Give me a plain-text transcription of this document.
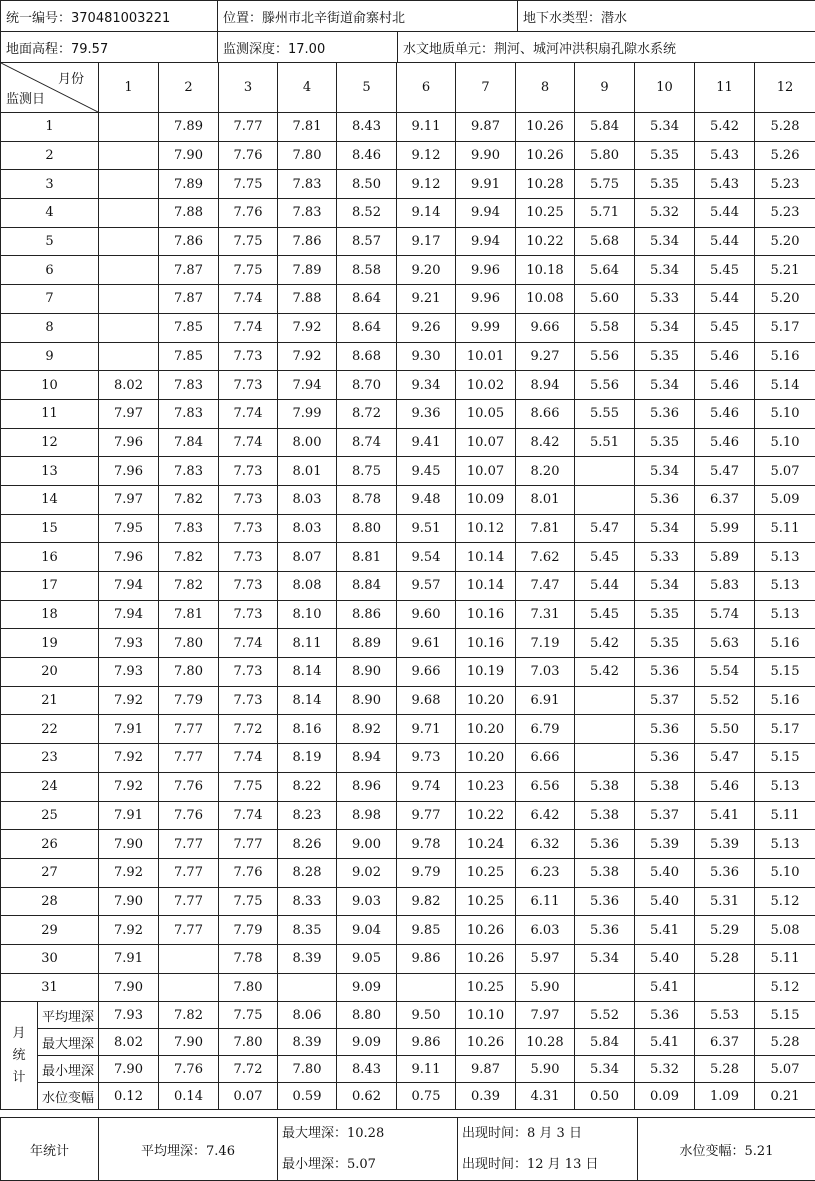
统一编号：370481003221	位置：滕州市北辛街道俞寨村北		地下水类型：潜水
地面高程：79.57	监测深度：17.00	水文地质单元：荆河、城河冲洪积扇孔隙水系统	
月份
监测日		1	2	3	4	5	6	7	8	9	10	11	12
1			7.89	7.77	7.81	8.43	9.11	9.87	10.26	5.84	5.34	5.42	5.28
2			7.90	7.76	7.80	8.46	9.12	9.90	10.26	5.80	5.35	5.43	5.26
3			7.89	7.75	7.83	8.50	9.12	9.91	10.28	5.75	5.35	5.43	5.23
4			7.88	7.76	7.83	8.52	9.14	9.94	10.25	5.71	5.32	5.44	5.23
5			7.86	7.75	7.86	8.57	9.17	9.94	10.22	5.68	5.34	5.44	5.20
6			7.87	7.75	7.89	8.58	9.20	9.96	10.18	5.64	5.34	5.45	5.21
7			7.87	7.74	7.88	8.64	9.21	9.96	10.08	5.60	5.33	5.44	5.20
8			7.85	7.74	7.92	8.64	9.26	9.99	9.66	5.58	5.34	5.45	5.17
9			7.85	7.73	7.92	8.68	9.30	10.01	9.27	5.56	5.35	5.46	5.16
10		8.02	7.83	7.73	7.94	8.70	9.34	10.02	8.94	5.56	5.34	5.46	5.14
11		7.97	7.83	7.74	7.99	8.72	9.36	10.05	8.66	5.55	5.36	5.46	5.10
12		7.96	7.84	7.74	8.00	8.74	9.41	10.07	8.42	5.51	5.35	5.46	5.10
13		7.96	7.83	7.73	8.01	8.75	9.45	10.07	8.20		5.34	5.47	5.07
14		7.97	7.82	7.73	8.03	8.78	9.48	10.09	8.01		5.36	6.37	5.09
15		7.95	7.83	7.73	8.03	8.80	9.51	10.12	7.81	5.47	5.34	5.99	5.11
16		7.96	7.82	7.73	8.07	8.81	9.54	10.14	7.62	5.45	5.33	5.89	5.13
17		7.94	7.82	7.73	8.08	8.84	9.57	10.14	7.47	5.44	5.34	5.83	5.13
18		7.94	7.81	7.73	8.10	8.86	9.60	10.16	7.31	5.45	5.35	5.74	5.13
19		7.93	7.80	7.74	8.11	8.89	9.61	10.16	7.19	5.42	5.35	5.63	5.16
20		7.93	7.80	7.73	8.14	8.90	9.66	10.19	7.03	5.42	5.36	5.54	5.15
21		7.92	7.79	7.73	8.14	8.90	9.68	10.20	6.91		5.37	5.52	5.16
22		7.91	7.77	7.72	8.16	8.92	9.71	10.20	6.79		5.36	5.50	5.17
23		7.92	7.77	7.74	8.19	8.94	9.73	10.20	6.66		5.36	5.47	5.15
24		7.92	7.76	7.75	8.22	8.96	9.74	10.23	6.56	5.38	5.38	5.46	5.13
25		7.91	7.76	7.74	8.23	8.98	9.77	10.22	6.42	5.38	5.37	5.41	5.11
26		7.90	7.77	7.77	8.26	9.00	9.78	10.24	6.32	5.36	5.39	5.39	5.13
27		7.92	7.77	7.76	8.28	9.02	9.79	10.25	6.23	5.38	5.40	5.36	5.10
28		7.90	7.77	7.75	8.33	9.03	9.82	10.25	6.11	5.36	5.40	5.31	5.12
29		7.92	7.77	7.79	8.35	9.04	9.85	10.26	6.03	5.36	5.41	5.29	5.08
30		7.91		7.78	8.39	9.05	9.86	10.26	5.97	5.34	5.40	5.28	5.11
31		7.90		7.80		9.09		10.25	5.90		5.41		5.12

月
统
计	平均埋深	7.93	7.82	7.75	8.06	8.80	9.50	10.10	7.97	5.52	5.36	5.53	5.15
	最大埋深	8.02	7.90	7.80	8.39	9.09	9.86	10.26	10.28	5.84	5.41	6.37	5.28
	最小埋深	7.90	7.76	7.72	7.80	8.43	9.11	9.87	5.90	5.34	5.32	5.28	5.07
	水位变幅	0.12	0.14	0.07	0.59	0.62	0.75	0.39	4.31	0.50	0.09	1.09	0.21
年统计	平均埋深：7.46	
最大埋深：10.28
最小埋深：5.07

出现时间：8 月 3 日
出现时间：12 月 13 日
	水位变幅：5.21
